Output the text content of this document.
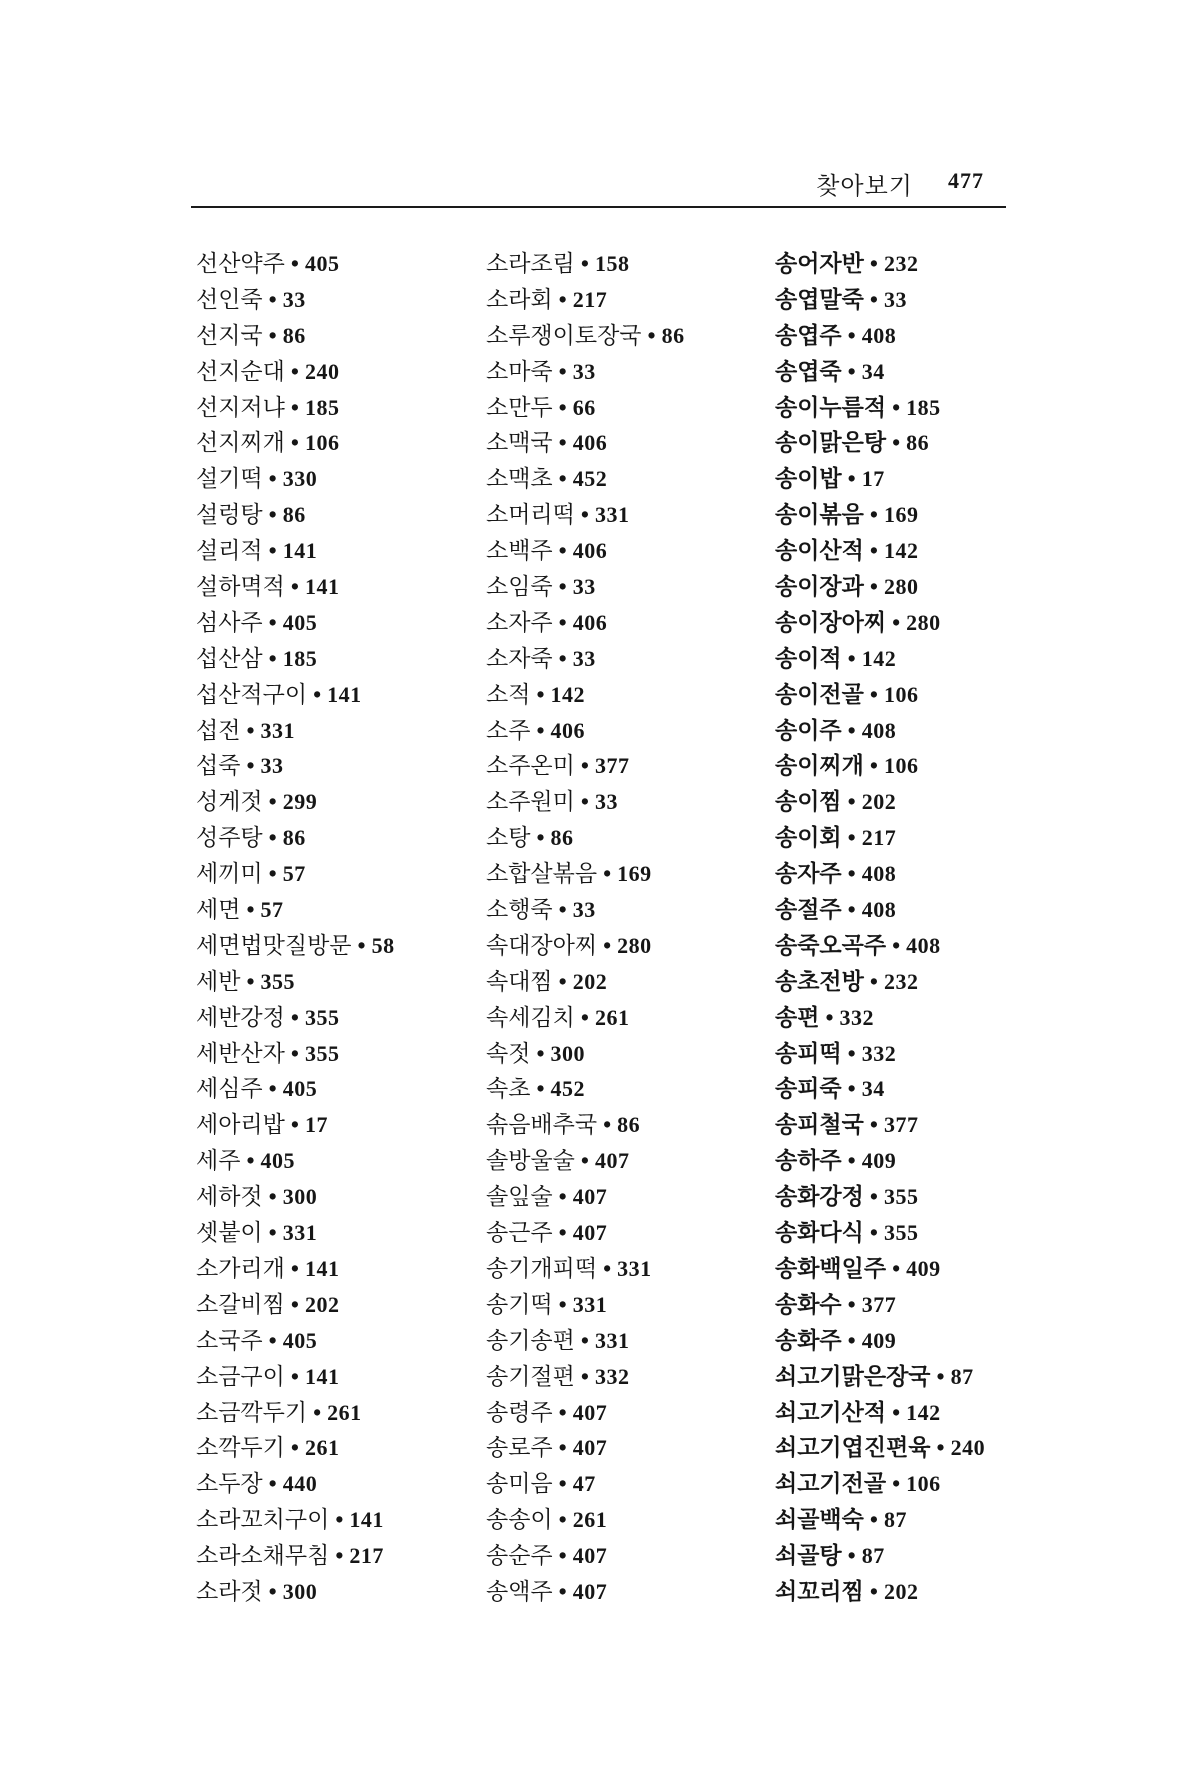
찾아보기 477
선산약주 • 405
선인죽 • 33
선지국 • 86
선지순대 • 240
선지저냐 • 185
선지찌개 • 106
설기떡 • 330
설렁탕 • 86
설리적 • 141
설하멱적 • 141
섬사주 • 405
섭산삼 • 185
섭산적구이 • 141
섭전 • 331
섭죽 • 33
성게젓 • 299
성주탕 • 86
세끼미 • 57
세면 • 57
세면법맛질방문 • 58
세반 • 355
세반강정 • 355
세반산자 • 355
세심주 • 405
세아리밥 • 17
세주 • 405
세하젓 • 300
셋붙이 • 331
소가리개 • 141
소갈비찜 • 202
소국주 • 405
소금구이 • 141
소금깍두기 • 261
소깍두기 • 261
소두장 • 440
소라꼬치구이 • 141
소라소채무침 • 217
소라젓 • 300
소라조림 • 158
소라회 • 217
소루쟁이토장국 • 86
소마죽 • 33
소만두 • 66
소맥국 • 406
소맥초 • 452
소머리떡 • 331
소백주 • 406
소임죽 • 33
소자주 • 406
소자죽 • 33
소적 • 142
소주 • 406
소주온미 • 377
소주원미 • 33
소탕 • 86
소합살볶음 • 169
소행죽 • 33
속대장아찌 • 280
속대찜 • 202
속세김치 • 261
속젓 • 300
속초 • 452
솎음배추국 • 86
솔방울술 • 407
솔잎술 • 407
송근주 • 407
송기개피떡 • 331
송기떡 • 331
송기송편 • 331
송기절편 • 332
송령주 • 407
송로주 • 407
송미음 • 47
송송이 • 261
송순주 • 407
송액주 • 407
송어자반 • 232
송엽말죽 • 33
송엽주 • 408
송엽죽 • 34
송이누름적 • 185
송이맑은탕 • 86
송이밥 • 17
송이볶음 • 169
송이산적 • 142
송이장과 • 280
송이장아찌 • 280
송이적 • 142
송이전골 • 106
송이주 • 408
송이찌개 • 106
송이찜 • 202
송이회 • 217
송자주 • 408
송절주 • 408
송죽오곡주 • 408
송초전방 • 232
송편 • 332
송피떡 • 332
송피죽 • 34
송피철국 • 377
송하주 • 409
송화강정 • 355
송화다식 • 355
송화백일주 • 409
송화수 • 377
송화주 • 409
쇠고기맑은장국 • 87
쇠고기산적 • 142
쇠고기엽진편육 • 240
쇠고기전골 • 106
쇠골백숙 • 87
쇠골탕 • 87
쇠꼬리찜 • 202
